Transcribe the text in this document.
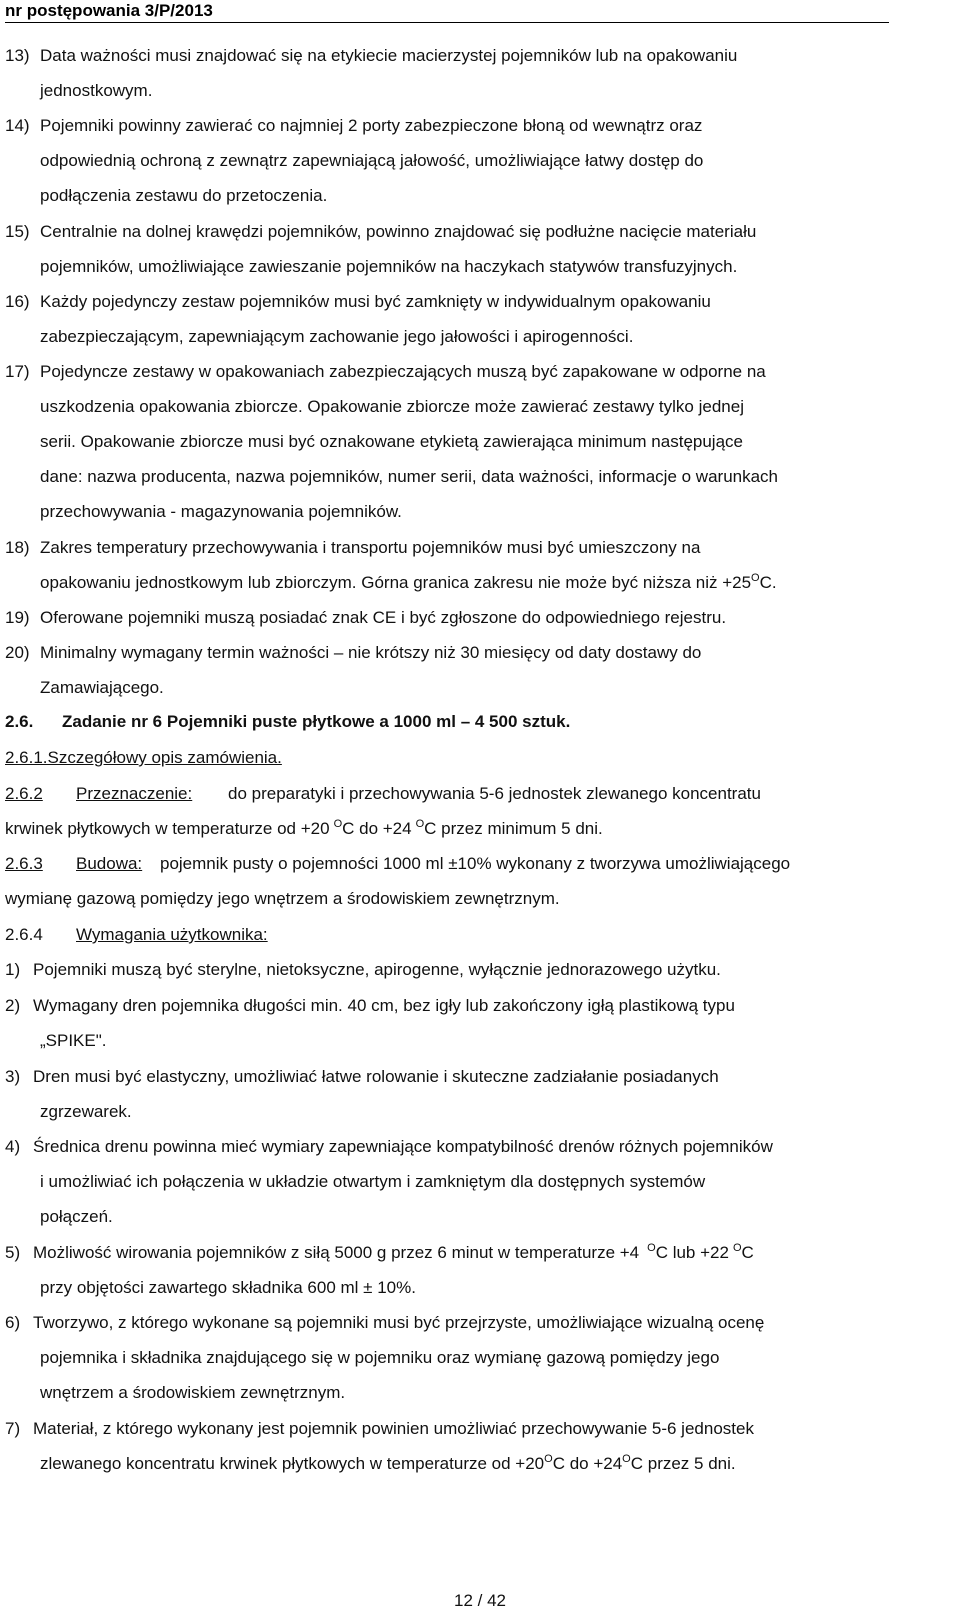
nr postępowania 3/P/2013
13) Data ważności musi znajdować się na etykiecie macierzystej pojemników lub na opakowaniu
jednostkowym.
14) Pojemniki powinny zawierać co najmniej 2 porty zabezpieczone błoną od wewnątrz oraz
odpowiednią ochroną z zewnątrz zapewniającą jałowość, umożliwiające łatwy dostęp do
podłączenia zestawu do przetoczenia.
15) Centralnie na dolnej krawędzi pojemników, powinno znajdować się podłużne nacięcie materiału
pojemników, umożliwiające zawieszanie pojemników na haczykach statywów transfuzyjnych.
16) Każdy pojedynczy zestaw pojemników musi być zamknięty w indywidualnym opakowaniu
zabezpieczającym, zapewniającym zachowanie jego jałowości i apirogenności.
17) Pojedyncze zestawy w opakowaniach zabezpieczających muszą być zapakowane w odporne na
uszkodzenia opakowania zbiorcze. Opakowanie zbiorcze może zawierać zestawy tylko jednej
serii. Opakowanie zbiorcze musi być oznakowane etykietą zawierająca minimum następujące
dane: nazwa producenta, nazwa pojemników, numer serii, data ważności, informacje o warunkach
przechowywania - magazynowania pojemników.
18) Zakres temperatury przechowywania i transportu pojemników musi być umieszczony na
opakowaniu jednostkowym lub zbiorczym. Górna granica zakresu nie może być niższa niż $+25^OC$.
19) Oferowane pojemniki muszą posiadać znak CE i być zgłoszone do odpowiedniego rejestru.
20) Minimalny wymagany termin ważności – nie krótszy niż 30 miesięcy od daty dostawy do
Zamawiającego.
2.6. Zadanie nr 6 Pojemniki puste płytkowe a 1000 ml – 4 500 sztuk.
2.6.1.Szczegółowy opis zamówienia.
2.6.2 Przeznaczenie: do preparatyki i przechowywania 5-6 jednostek zlewanego koncentratu
krwinek płytkowych w temperaturze od +20 $^O$C do +24 $^O$C przez minimum 5 dni.
2.6.3 Budowa: pojemnik pusty o pojemności 1000 ml ±10% wykonany z tworzywa umożliwiającego
wymianę gazową pomiędzy jego wnętrzem a środowiskiem zewnętrznym.
2.6.4 Wymagania użytkownika:
1) Pojemniki muszą być sterylne, nietoksyczne, apirogenne, wyłącznie jednorazowego użytku.
2) Wymagany dren pojemnika długości min. 40 cm, bez igły lub zakończony igłą plastikową typu
„SPIKE".
3) Dren musi być elastyczny, umożliwiać łatwe rolowanie i skuteczne zadziałanie posiadanych
zgrzewarek.
4) Średnica drenu powinna mieć wymiary zapewniające kompatybilność drenów różnych pojemników
i umożliwiać ich połączenia w układzie otwartym i zamkniętym dla dostępnych systemów
połączeń.
5) Możliwość wirowania pojemników z siłą 5000 g przez 6 minut w temperaturze +4 $^O$C lub +22 $^O$C
przy objętości zawartego składnika 600 ml ± 10%.
6) Tworzywo, z którego wykonane są pojemniki musi być przejrzyste, umożliwiające wizualną ocenę
pojemnika i składnika znajdującego się w pojemniku oraz wymianę gazową pomiędzy jego
wnętrzem a środowiskiem zewnętrznym.
7) Materiał, z którego wykonany jest pojemnik powinien umożliwiać przechowywanie 5-6 jednostek
zlewanego koncentratu krwinek płytkowych w temperaturze od $+20^OC$ do $+24^OC$ przez 5 dni.
12 / 42
